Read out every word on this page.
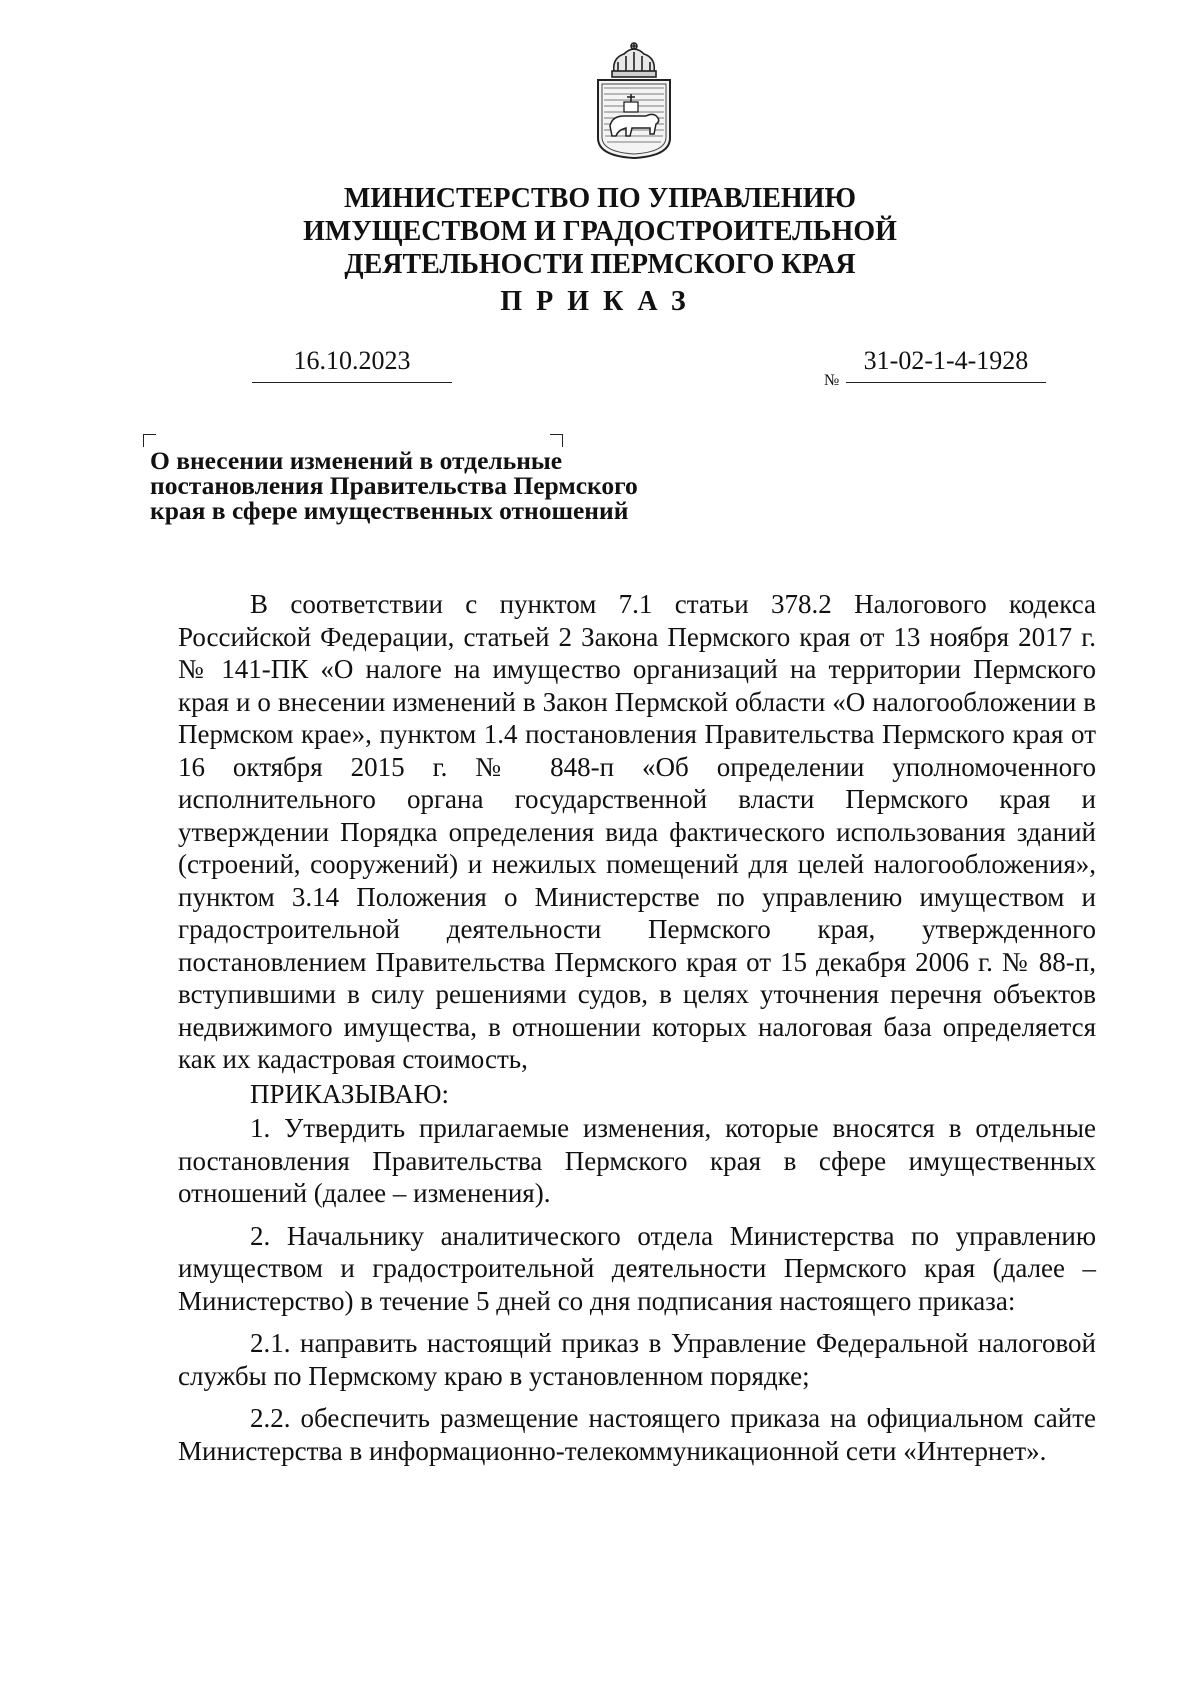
МИНИСТЕРСТВО ПО УПРАВЛЕНИЮ
ИМУЩЕСТВОМ И ГРАДОСТРОИТЕЛЬНОЙ
ДЕЯТЕЛЬНОСТИ ПЕРМСКОГО КРАЯ
ПРИКАЗ
16.10.2023
№
31-02-1-4-1928
О внесении изменений в отдельные
постановления Правительства Пермского
края в сфере имущественных отношений

В соответствии с пунктом 7.1 статьи 378.2 Налогового кодекса Российской Федерации, статьей 2 Закона Пермского края от 13 ноября 2017 г. № 141-ПК «О налоге на имущество организаций на территории Пермского края и о внесении изменений в Закон Пермской области «О налогообложении в Пермском крае», пунктом 1.4 постановления Правительства Пермского края от 16 октября 2015 г. № 848-п «Об определении уполномоченного исполнительного органа государственной власти Пермского края и утверждении Порядка определения вида фактического использования зданий (строений, сооружений) и нежилых помещений для целей налогообложения», пунктом 3.14 Положения о Министерстве по управлению имуществом и градостроительной деятельности Пермского края, утвержденного постановлением Правительства Пермского края от 15 декабря 2006 г. № 88-п, вступившими в силу решениями судов, в целях уточнения перечня объектов недвижимого имущества, в отношении которых налоговая база определяется как их кадастровая стоимость,

ПРИКАЗЫВАЮ:

1. Утвердить прилагаемые изменения, которые вносятся в отдельные постановления Правительства Пермского края в сфере имущественных отношений (далее – изменения).

2. Начальнику аналитического отдела Министерства по управлению имуществом и градостроительной деятельности Пермского края (далее – Министерство) в течение 5 дней со дня подписания настоящего приказа:

2.1. направить настоящий приказ в Управление Федеральной налоговой службы по Пермскому краю в установленном порядке;

2.2. обеспечить размещение настоящего приказа на официальном сайте Министерства в информационно-телекоммуникационной сети «Интернет».
